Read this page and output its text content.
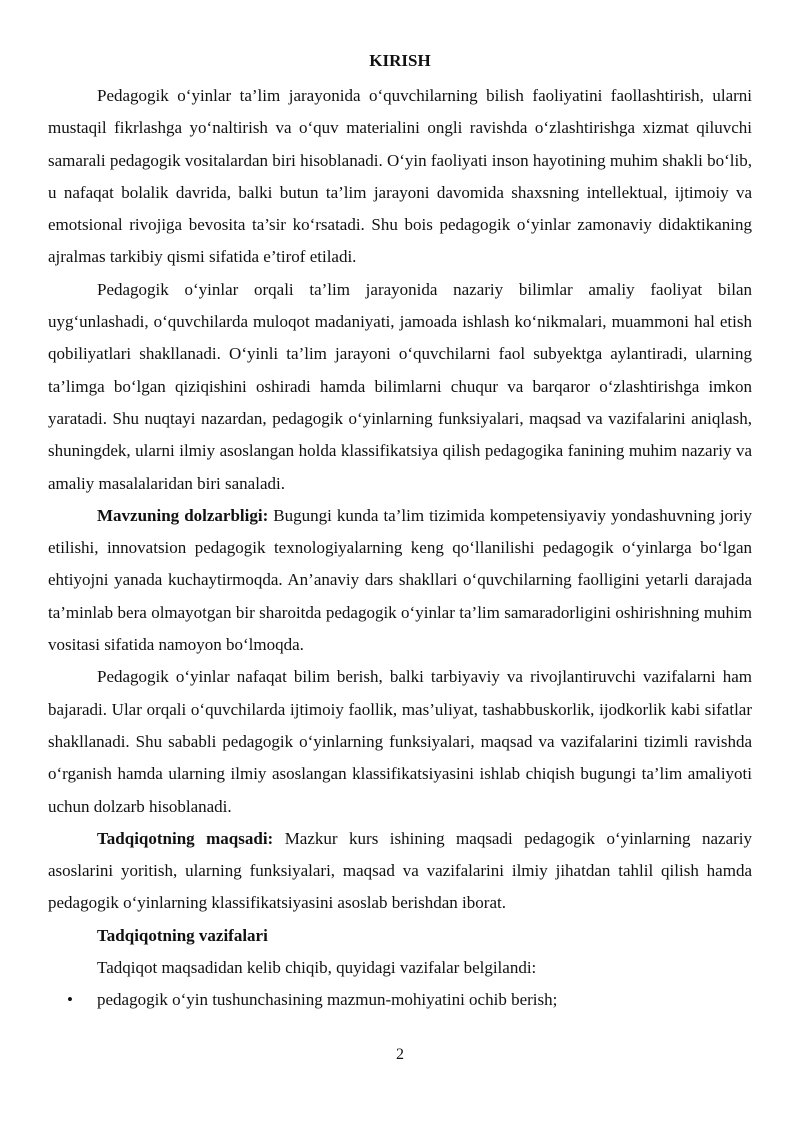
KIRISH

Pedagogik o‘yinlar ta’lim jarayonida o‘quvchilarning bilish faoliyatini faollashtirish, ularni mustaqil fikrlashga yo‘naltirish va o‘quv materialini ongli ravishda o‘zlashtirishga xizmat qiluvchi samarali pedagogik vositalardan biri hisoblanadi. O‘yin faoliyati inson hayotining muhim shakli bo‘lib, u nafaqat bolalik davrida, balki butun ta’lim jarayoni davomida shaxsning intellektual, ijtimoiy va emotsional rivojiga bevosita ta’sir ko‘rsatadi. Shu bois pedagogik o‘yinlar zamonaviy didaktikaning ajralmas tarkibiy qismi sifatida e’tirof etiladi.

Pedagogik o‘yinlar orqali ta’lim jarayonida nazariy bilimlar amaliy faoliyat bilan uyg‘unlashadi, o‘quvchilarda muloqot madaniyati, jamoada ishlash ko‘nikmalari, muammoni hal etish qobiliyatlari shakllanadi. O‘yinli ta’lim jarayoni o‘quvchilarni faol subyektga aylantiradi, ularning ta’limga bo‘lgan qiziqishini oshiradi hamda bilimlarni chuqur va barqaror o‘zlashtirishga imkon yaratadi. Shu nuqtayi nazardan, pedagogik o‘yinlarning funksiyalari, maqsad va vazifalarini aniqlash, shuningdek, ularni ilmiy asoslangan holda klassifikatsiya qilish pedagogika fanining muhim nazariy va amaliy masalalaridan biri sanaladi.

Mavzuning dolzarbligi: Bugungi kunda ta’lim tizimida kompetensiyaviy yondashuvning joriy etilishi, innovatsion pedagogik texnologiyalarning keng qo‘llanilishi pedagogik o‘yinlarga bo‘lgan ehtiyojni yanada kuchaytirmoqda. An’anaviy dars shakllari o‘quvchilarning faolligini yetarli darajada ta’minlab bera olmayotgan bir sharoitda pedagogik o‘yinlar ta’lim samaradorligini oshirishning muhim vositasi sifatida namoyon bo‘lmoqda.

Pedagogik o‘yinlar nafaqat bilim berish, balki tarbiyaviy va rivojlantiruvchi vazifalarni ham bajaradi. Ular orqali o‘quvchilarda ijtimoiy faollik, mas’uliyat, tashabbuskorlik, ijodkorlik kabi sifatlar shakllanadi. Shu sababli pedagogik o‘yinlarning funksiyalari, maqsad va vazifalarini tizimli ravishda o‘rganish hamda ularning ilmiy asoslangan klassifikatsiyasini ishlab chiqish bugungi ta’lim amaliyoti uchun dolzarb hisoblanadi.

Tadqiqotning maqsadi: Mazkur kurs ishining maqsadi pedagogik o‘yinlarning nazariy asoslarini yoritish, ularning funksiyalari, maqsad va vazifalarini ilmiy jihatdan tahlil qilish hamda pedagogik o‘yinlarning klassifikatsiyasini asoslab berishdan iborat.

Tadqiqotning vazifalari

Tadqiqot maqsadidan kelib chiqib, quyidagi vazifalar belgilandi:

• pedagogik o‘yin tushunchasining mazmun-mohiyatini ochib berish;

2
